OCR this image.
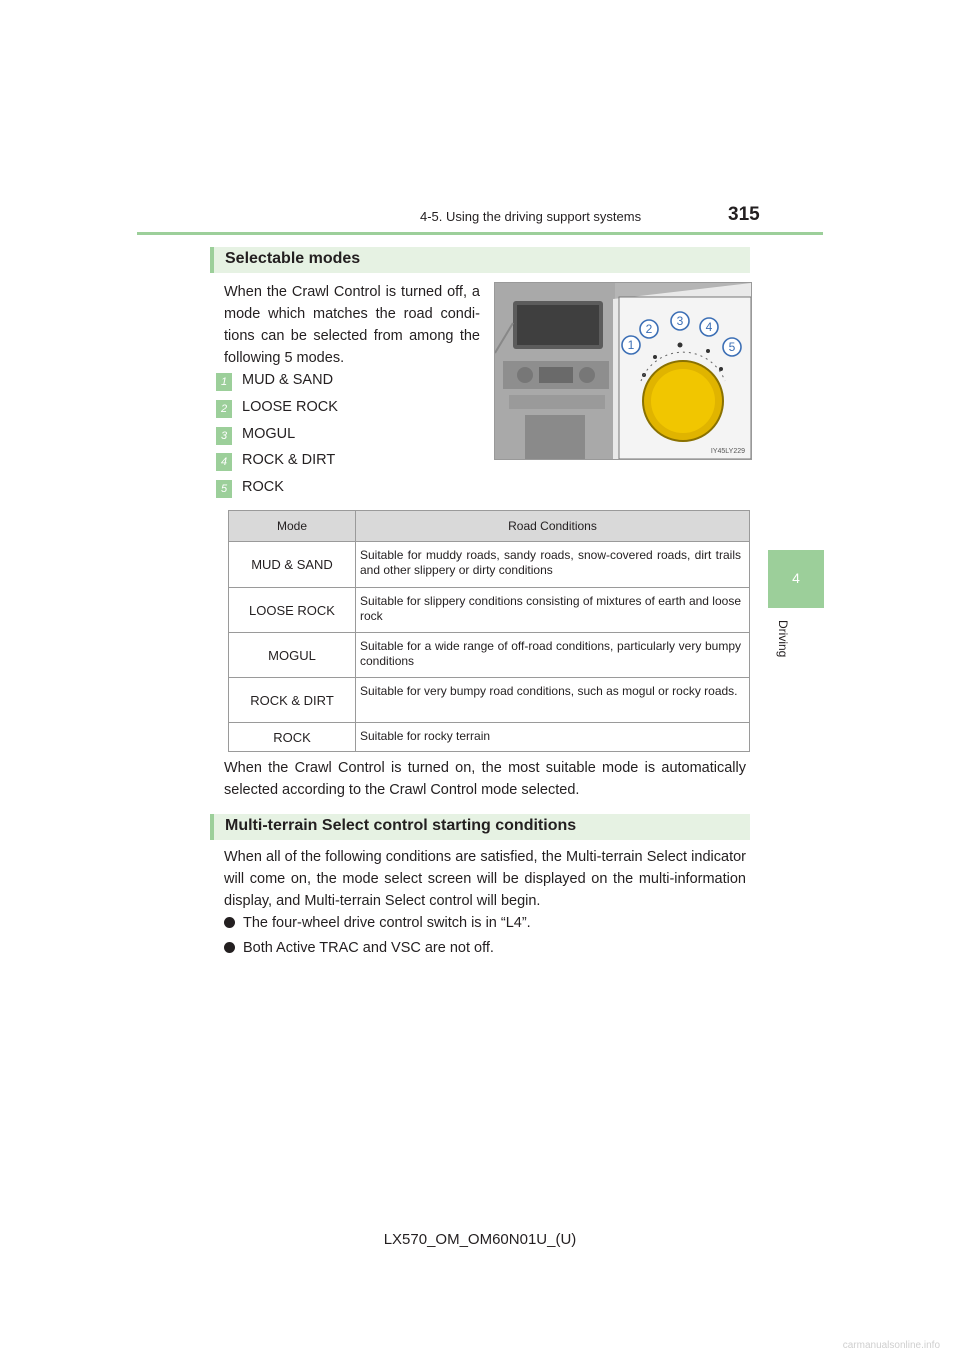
4-5. Using the driving support systems	315
4
Driving
Selectable modes
When the Crawl Control is turned off, a
mode which matches the road condi-
tions can be selected from among the
following 5 modes.
1	MUD & SAND
2	LOOSE ROCK
3	MOGUL
4	ROCK & DIRT
5	ROCK
1
2
3 4
5
IY45LY229
Mode	Road Conditions
MUD & SAND	Suitable for muddy roads, sandy roads, snow-covered roads, dirt trails and other slippery or dirty conditions
LOOSE ROCK	Suitable for slippery conditions consisting of mixtures of earth and loose rock
MOGUL	Suitable for a wide range of off-road conditions, particularly very bumpy conditions
ROCK & DIRT	Suitable for very bumpy road conditions, such as mogul or rocky roads.
ROCK	Suitable for rocky terrain
When the Crawl Control is turned on, the most suitable mode is automatically selected according to the Crawl Control mode selected.
Multi-terrain Select control starting conditions
When all of the following conditions are satisfied, the Multi-terrain Select indicator will come on, the mode select screen will be displayed on the multi-information display, and Multi-terrain Select control will begin.
The four-wheel drive control switch is in “L4”.
Both Active TRAC and VSC are not off.
LX570_OM_OM60N01U_(U)
carmanualsonline.info
